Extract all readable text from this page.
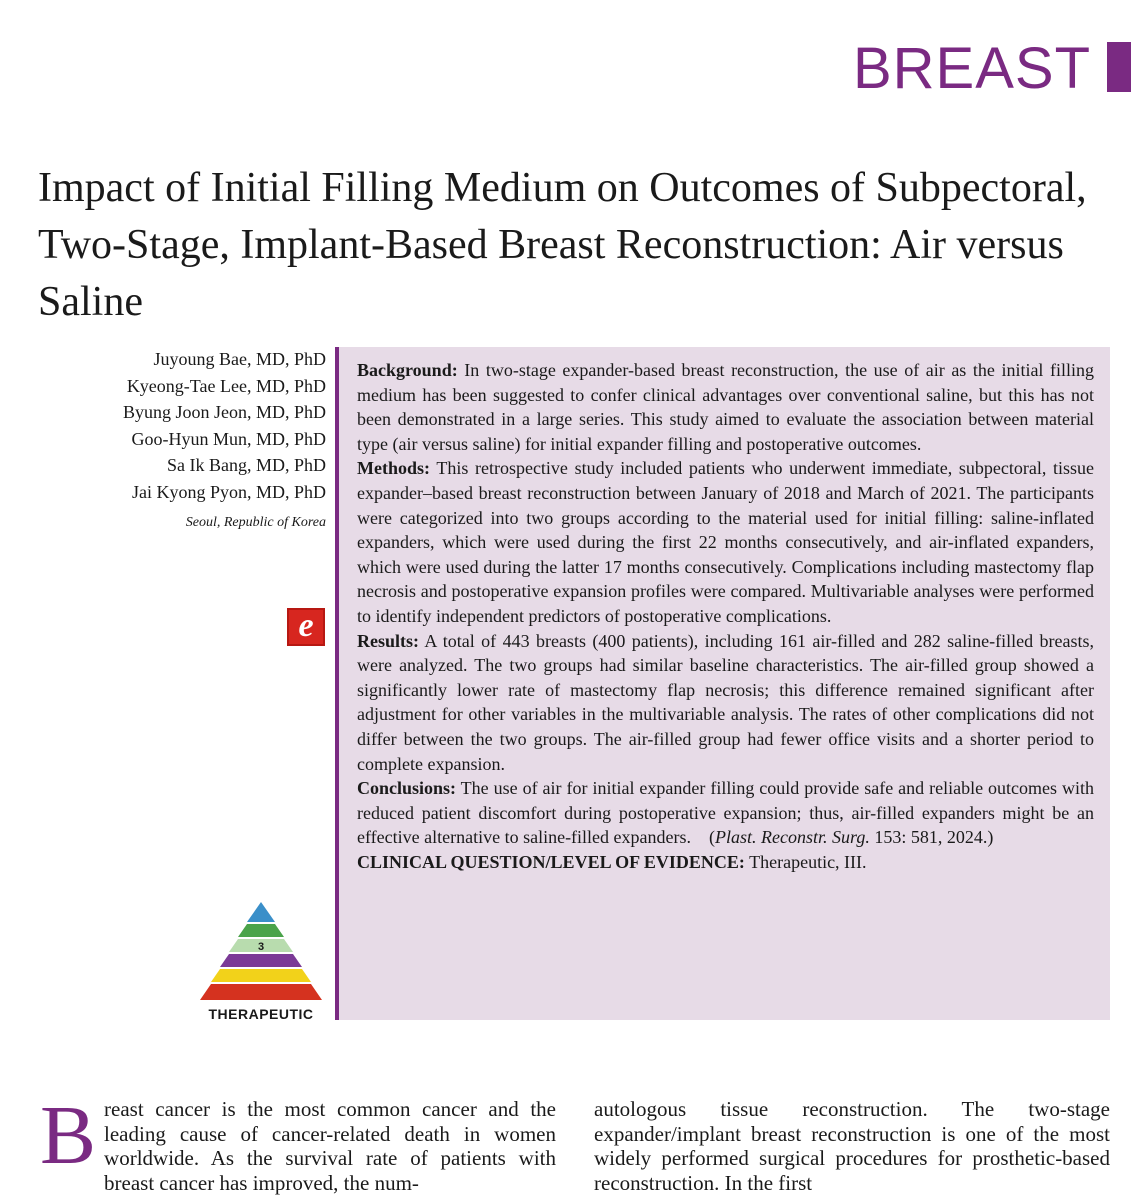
BREAST
Impact of Initial Filling Medium on Outcomes of Subpectoral, Two-Stage, Implant-Based Breast Reconstruction: Air versus Saline
Juyoung Bae, MD, PhD
Kyeong-Tae Lee, MD, PhD
Byung Joon Jeon, MD, PhD
Goo-Hyun Mun, MD, PhD
Sa Ik Bang, MD, PhD
Jai Kyong Pyon, MD, PhD
Seoul, Republic of Korea
e
3
THERAPEUTIC

Background: In two-stage expander-based breast reconstruction, the use of air as the initial filling medium has been suggested to confer clinical advantages over conventional saline, but this has not been demonstrated in a large series. This study aimed to evaluate the association between material type (air versus saline) for initial expander filling and postoperative outcomes.

Methods: This retrospective study included patients who underwent immediate, subpectoral, tissue expander–based breast reconstruction between January of 2018 and March of 2021. The participants were categorized into two groups according to the material used for initial filling: saline-inflated expanders, which were used during the first 22 months consecutively, and air-inflated expanders, which were used during the latter 17 months consecutively. Complications including mastectomy flap necrosis and postoperative expansion profiles were compared. Multivariable analyses were performed to identify independent predictors of postoperative complications.

Results: A total of 443 breasts (400 patients), including 161 air-filled and 282 saline-filled breasts, were analyzed. The two groups had similar baseline characteristics. The air-filled group showed a significantly lower rate of mastectomy flap necrosis; this difference remained significant after adjustment for other variables in the multivariable analysis. The rates of other complications did not differ between the two groups. The air-filled group had fewer office visits and a shorter period to complete expansion.

Conclusions: The use of air for initial expander filling could provide safe and reliable outcomes with reduced patient discomfort during postoperative expansion; thus, air-filled expanders might be an effective alternative to saline-filled expanders. (Plast. Reconstr. Surg. 153: 581, 2024.)

CLINICAL QUESTION/LEVEL OF EVIDENCE: Therapeutic, III.

Breast cancer is the most common cancer and the leading cause of cancer-related death in women worldwide. As the survival rate of patients with breast cancer has improved, the num-
autologous tissue reconstruction. The two-stage expander/implant breast reconstruction is one of the most widely performed surgical procedures for prosthetic-based reconstruction. In the first
